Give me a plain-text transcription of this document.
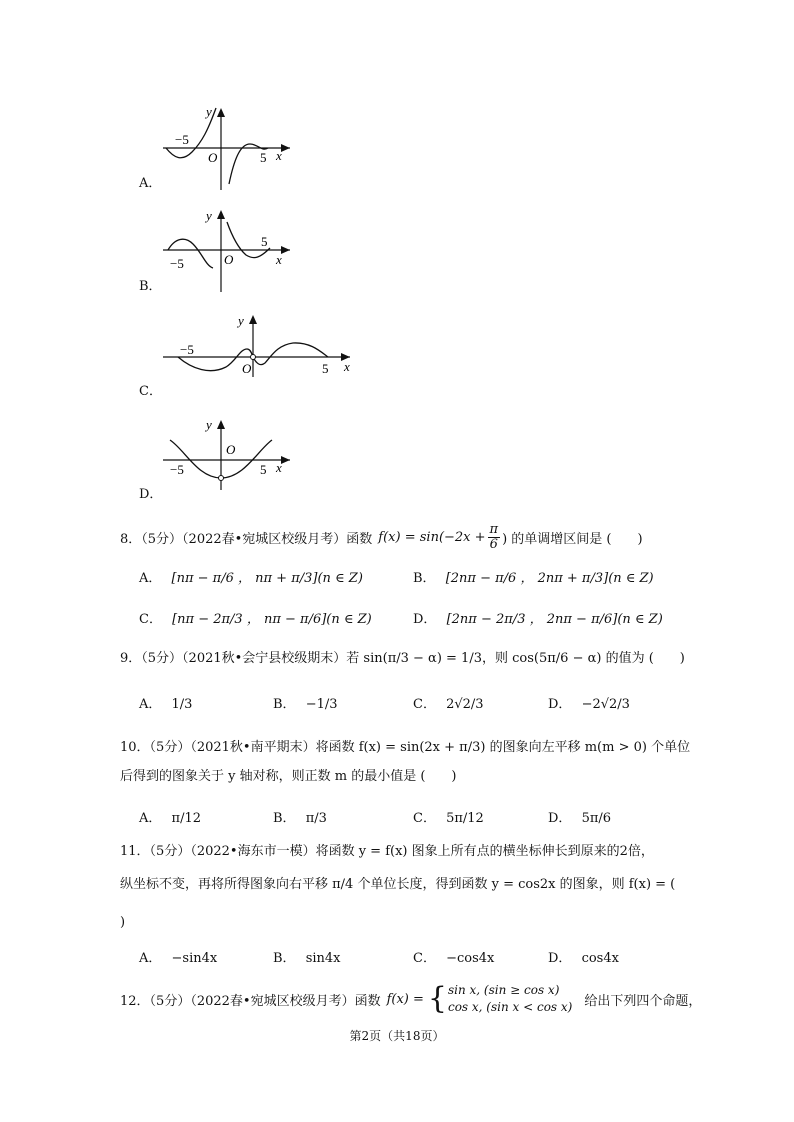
−5
O	5 x
y
A．
−5	O
5
x
y
B．
−5
O	5 x
y
C．
−5
O
5 x
y
D．
8．（5分）（2022春•宛城区校级月考）函数 $f(x) = \sin(-2x + \frac{\pi}{6}$ ) 的单调增区间是 (　　)
A． [nπ − π/6 ， nπ + π/3](n ∈ Z)	B． [2nπ − π/6 ， 2nπ + π/3](n ∈ Z)
C． [nπ − 2π/3 ， nπ − π/6](n ∈ Z)	D． [2nπ − 2π/3 ， 2nπ − π/6](n ∈ Z)
9．（5分）（2021秋•会宁县校级期末）若 sin(π/3 − α) = 1/3，则 cos(5π/6 − α) 的值为 (　　)
A． 1/3	B． −1/3	C． 2√2/3	D． −2√2/3
10．（5分）（2021秋•南平期末）将函数 f(x) = sin(2x + π/3) 的图象向左平移 m(m > 0) 个单位
后得到的图象关于 y 轴对称，则正数 m 的最小值是 (　　)
A． π/12	B． π/3	C． 5π/12	D． 5π/6
11．（5分）（2022•海东市一模）将函数 y = f(x) 图象上所有点的横坐标伸长到原来的2倍，
纵坐标不变，再将所得图象向右平移 π/4 个单位长度，得到函数 y = cos2x 的图象，则 f(x) = (
)
A． −sin4x	B． sin4x	C． −cos4x	D． cos4x
12．（5分）（2022春•宛城区校级月考）函数 f(x) = { sin x, (sin ≥ cos x)
cos x, (sin x < cos x) 给出下列四个命题，
第2页（共18页）
